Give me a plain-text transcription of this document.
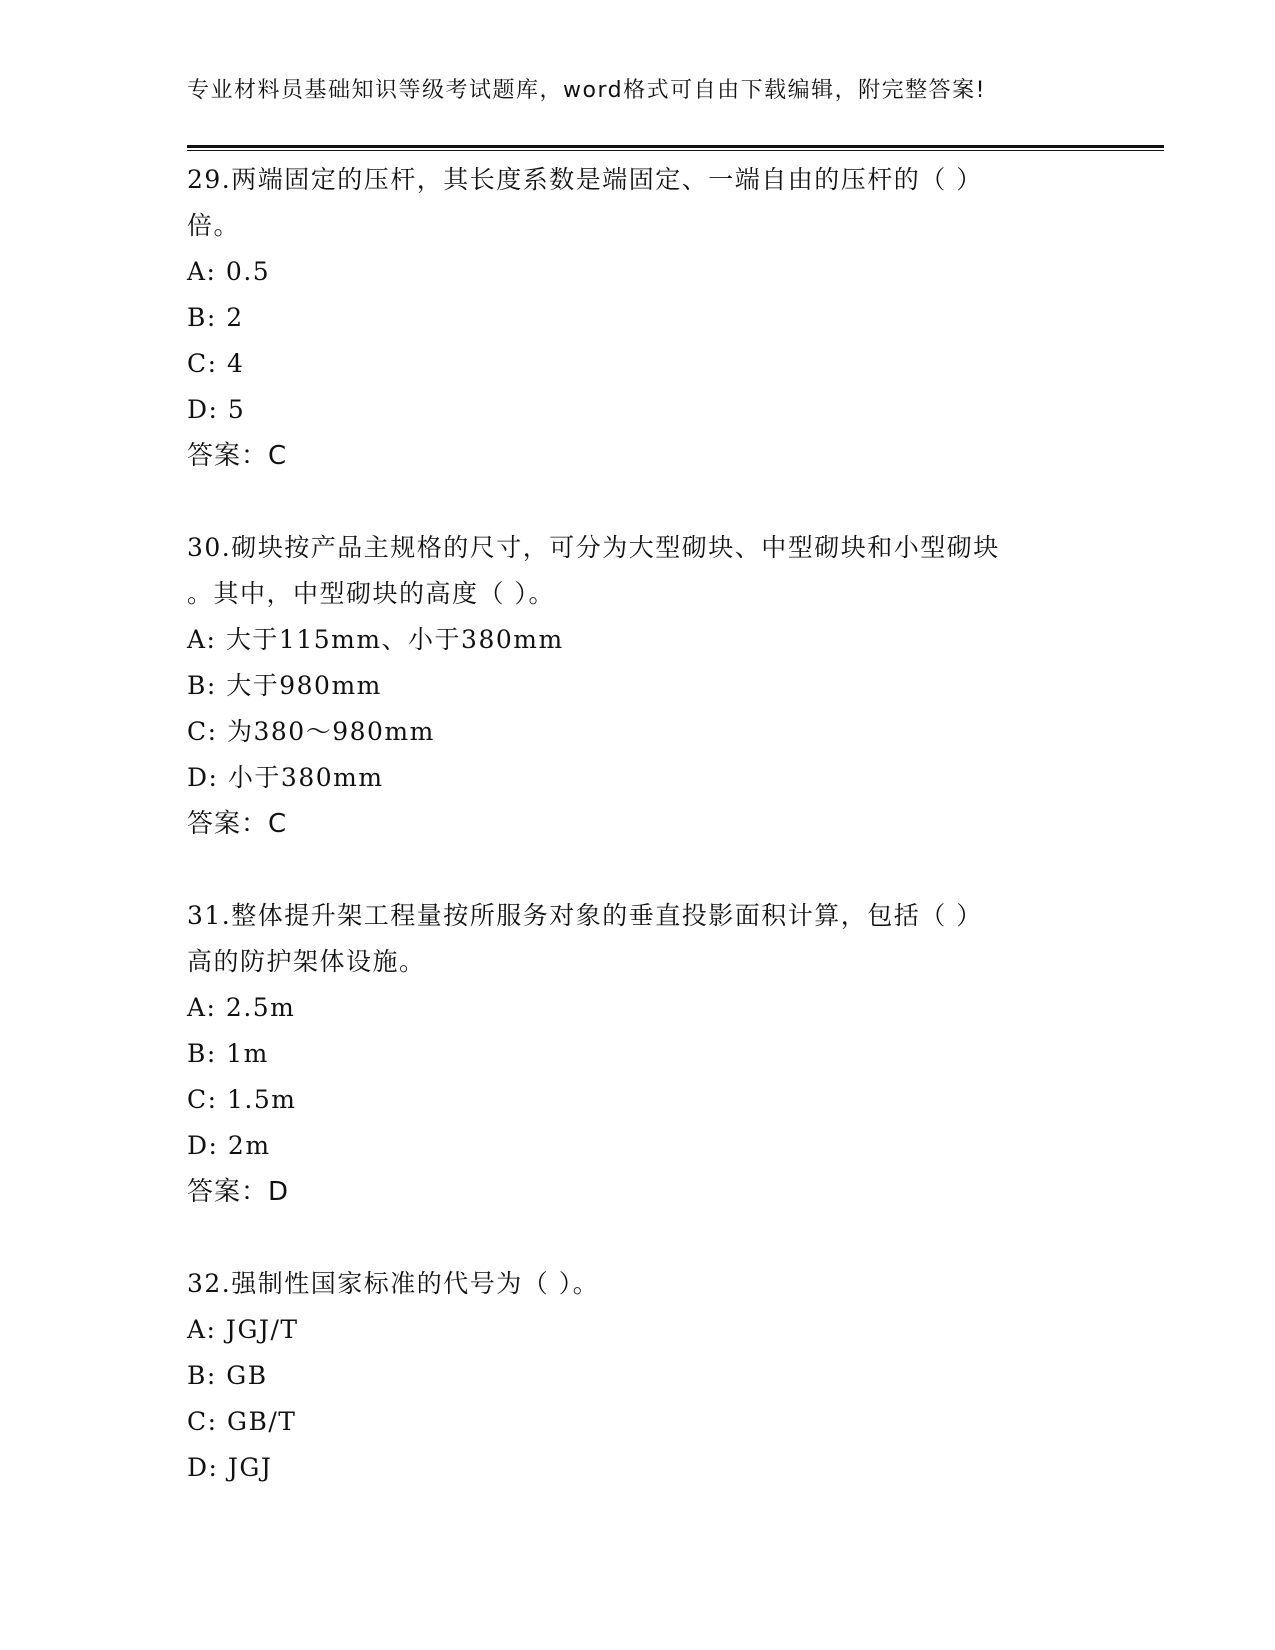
专业材料员基础知识等级考试题库，word格式可自由下载编辑，附完整答案!
29.两端固定的压杆，其长度系数是端固定、一端自由的压杆的（ ）
倍。
A: 0.5
B: 2
C: 4
D: 5
答案：C
30.砌块按产品主规格的尺寸，可分为大型砌块、中型砌块和小型砌块
。其中，中型砌块的高度（ ）。
A: 大于115mm、小于380mm
B: 大于980mm
C: 为380～980mm
D: 小于380mm
答案：C
31.整体提升架工程量按所服务对象的垂直投影面积计算，包括（ ）
高的防护架体设施。
A: 2.5m
B: 1m
C: 1.5m
D: 2m
答案：D
32.强制性国家标准的代号为（ ）。
A: JGJ/T
B: GB
C: GB/T
D: JGJ
